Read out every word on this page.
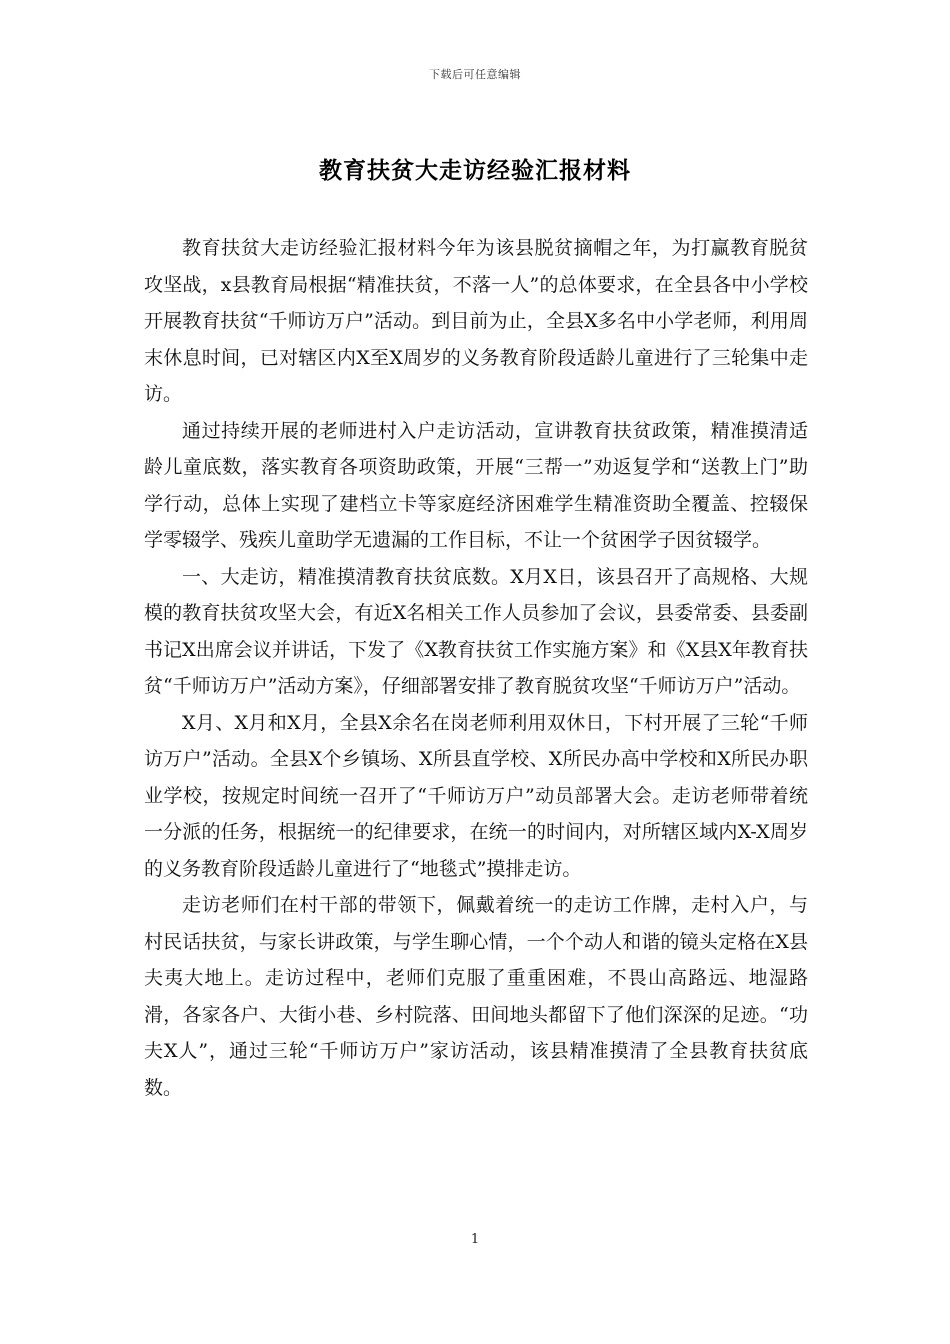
下载后可任意编辑
教育扶贫大走访经验汇报材料

教育扶贫大走访经验汇报材料今年为该县脱贫摘帽之年，为打赢教育脱贫攻坚战，x县教育局根据“精准扶贫，不落一人”的总体要求，在全县各中小学校开展教育扶贫“千师访万户”活动。到目前为止，全县X多名中小学老师，利用周末休息时间，已对辖区内X至X周岁的义务教育阶段适龄儿童进行了三轮集中走访。

通过持续开展的老师进村入户走访活动，宣讲教育扶贫政策，精准摸清适龄儿童底数，落实教育各项资助政策，开展“三帮一”劝返复学和“送教上门”助学行动，总体上实现了建档立卡等家庭经济困难学生精准资助全覆盖、控辍保学零辍学、残疾儿童助学无遗漏的工作目标，不让一个贫困学子因贫辍学。

一、大走访，精准摸清教育扶贫底数。X月X日，该县召开了高规格、大规模的教育扶贫攻坚大会，有近X名相关工作人员参加了会议，县委常委、县委副书记X出席会议并讲话，下发了《X教育扶贫工作实施方案》和《X县X年教育扶贫“千师访万户”活动方案》，仔细部署安排了教育脱贫攻坚“千师访万户”活动。

X月、X月和X月，全县X余名在岗老师利用双休日，下村开展了三轮“千师访万户”活动。全县X个乡镇场、X所县直学校、X所民办高中学校和X所民办职业学校，按规定时间统一召开了“千师访万户”动员部署大会。走访老师带着统一分派的任务，根据统一的纪律要求，在统一的时间内，对所辖区域内X-X周岁的义务教育阶段适龄儿童进行了“地毯式”摸排走访。

走访老师们在村干部的带领下，佩戴着统一的走访工作牌，走村入户，与村民话扶贫，与家长讲政策，与学生聊心情，一个个动人和谐的镜头定格在X县夫夷大地上。走访过程中，老师们克服了重重困难，不畏山高路远、地湿路滑，各家各户、大街小巷、乡村院落、田间地头都留下了他们深深的足迹。“功夫X人”，通过三轮“千师访万户”家访活动，该县精准摸清了全县教育扶贫底数。

1
